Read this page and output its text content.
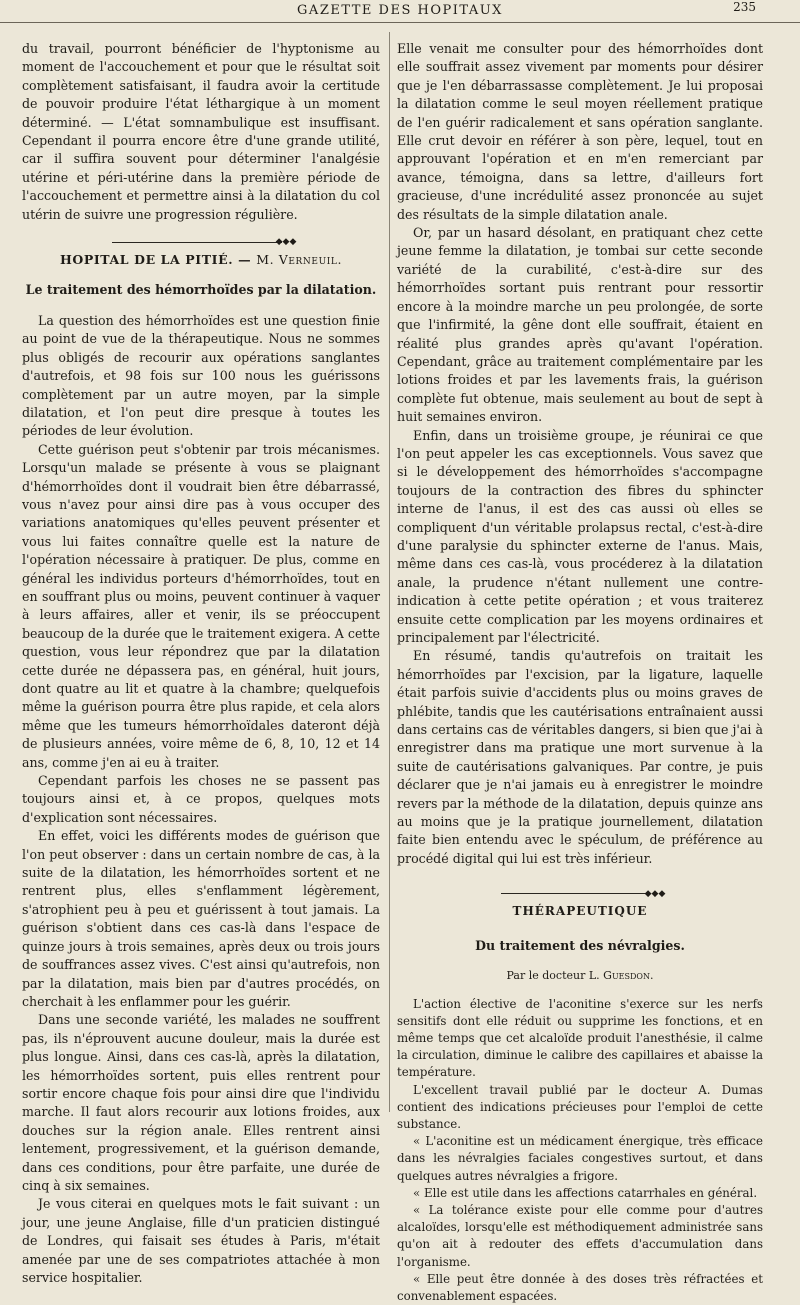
GAZETTE DES HOPITAUX	235

du travail, pourront bénéficier de l'hyptonisme au moment de l'accouchement et pour que le résultat soit complètement satisfaisant, il faudra avoir la certitude de pouvoir produire l'état léthargique à un moment déterminé. — L'état somnambulique est insuffisant. Cependant il pourra encore être d'une grande utilité, car il suffira souvent pour déterminer l'analgésie utérine et péri-utérine dans la première période de l'accouchement et permettre ainsi à la dilatation du col utérin de suivre une progression régulière.

◆◆◆
HOPITAL DE LA PITIÉ. — M. Verneuil.
Le traitement des hémorrhoïdes par la dilatation.

La question des hémorrhoïdes est une question finie au point de vue de la thérapeutique. Nous ne sommes plus obligés de recourir aux opérations sanglantes d'autrefois, et 98 fois sur 100 nous les guérissons complètement par un autre moyen, par la simple dilatation, et l'on peut dire presque à toutes les périodes de leur évolution.

Cette guérison peut s'obtenir par trois mécanismes. Lorsqu'un malade se présente à vous se plaignant d'hémorrhoïdes dont il voudrait bien être débarrassé, vous n'avez pour ainsi dire pas à vous occuper des variations anatomiques qu'elles peuvent présenter et vous lui faites connaître quelle est la nature de l'opération nécessaire à pratiquer. De plus, comme en général les individus porteurs d'hémorrhoïdes, tout en en souffrant plus ou moins, peuvent continuer à vaquer à leurs affaires, aller et venir, ils se préoccupent beaucoup de la durée que le traitement exigera. A cette question, vous leur répondrez que par la dilatation cette durée ne dépassera pas, en général, huit jours, dont quatre au lit et quatre à la chambre; quelquefois même la guérison pourra être plus rapide, et cela alors même que les tumeurs hémorrhoïdales dateront déjà de plusieurs années, voire même de 6, 8, 10, 12 et 14 ans, comme j'en ai eu à traiter.

Cependant parfois les choses ne se passent pas toujours ainsi et, à ce propos, quelques mots d'explication sont nécessaires.

En effet, voici les différents modes de guérison que l'on peut observer : dans un certain nombre de cas, à la suite de la dilatation, les hémorrhoïdes sortent et ne rentrent plus, elles s'enflamment légèrement, s'atrophient peu à peu et guérissent à tout jamais. La guérison s'obtient dans ces cas-là dans l'espace de quinze jours à trois semaines, après deux ou trois jours de souffrances assez vives. C'est ainsi qu'autrefois, non par la dilatation, mais bien par d'autres procédés, on cherchait à les enflammer pour les guérir.

Dans une seconde variété, les malades ne souffrent pas, ils n'éprouvent aucune douleur, mais la durée est plus longue. Ainsi, dans ces cas-là, après la dilatation, les hémorrhoïdes sortent, puis elles rentrent pour sortir encore chaque fois pour ainsi dire que l'individu marche. Il faut alors recourir aux lotions froides, aux douches sur la région anale. Elles rentrent ainsi lentement, progressivement, et la guérison demande, dans ces conditions, pour être parfaite, une durée de cinq à six semaines.

Je vous citerai en quelques mots le fait suivant : un jour, une jeune Anglaise, fille d'un praticien distingué de Londres, qui faisait ses études à Paris, m'était amenée par une de ses compatriotes attachée à mon service hospitalier.

Elle venait me consulter pour des hémorrhoïdes dont elle souffrait assez vivement par moments pour désirer que je l'en débarrassasse complètement. Je lui proposai la dilatation comme le seul moyen réellement pratique de l'en guérir radicalement et sans opération sanglante. Elle crut devoir en référer à son père, lequel, tout en approuvant l'opération et en m'en remerciant par avance, témoigna, dans sa lettre, d'ailleurs fort gracieuse, d'une incrédulité assez prononcée au sujet des résultats de la simple dilatation anale.

Or, par un hasard désolant, en pratiquant chez cette jeune femme la dilatation, je tombai sur cette seconde variété de la curabilité, c'est-à-dire sur des hémorrhoïdes sortant puis rentrant pour ressortir encore à la moindre marche un peu prolongée, de sorte que l'infirmité, la gêne dont elle souffrait, étaient en réalité plus grandes après qu'avant l'opération. Cependant, grâce au traitement complémentaire par les lotions froides et par les lavements frais, la guérison complète fut obtenue, mais seulement au bout de sept à huit semaines environ.

Enfin, dans un troisième groupe, je réunirai ce que l'on peut appeler les cas exceptionnels. Vous savez que si le développement des hémorrhoïdes s'accompagne toujours de la contraction des fibres du sphincter interne de l'anus, il est des cas aussi où elles se compliquent d'un véritable prolapsus rectal, c'est-à-dire d'une paralysie du sphincter externe de l'anus. Mais, même dans ces cas-là, vous procéderez à la dilatation anale, la prudence n'étant nullement une contre-indication à cette petite opération ; et vous traiterez ensuite cette complication par les moyens ordinaires et principalement par l'électricité.

En résumé, tandis qu'autrefois on traitait les hémorrhoïdes par l'excision, par la ligature, laquelle était parfois suivie d'accidents plus ou moins graves de phlébite, tandis que les cautérisations entraînaient aussi dans certains cas de véritables dangers, si bien que j'ai à enregistrer dans ma pratique une mort survenue à la suite de cautérisations galvaniques. Par contre, je puis déclarer que je n'ai jamais eu à enregistrer le moindre revers par la méthode de la dilatation, depuis quinze ans au moins que je la pratique journellement, dilatation faite bien entendu avec le spéculum, de préférence au procédé digital qui lui est très inférieur.

◆◆◆
THÉRAPEUTIQUE
Du traitement des névralgies.
Par le docteur L. Guesdon.

L'action élective de l'aconitine s'exerce sur les nerfs sensitifs dont elle réduit ou supprime les fonctions, et en même temps que cet alcaloïde produit l'anesthésie, il calme la circulation, diminue le calibre des capillaires et abaisse la température.

L'excellent travail publié par le docteur A. Dumas contient des indications précieuses pour l'emploi de cette substance.

« L'aconitine est un médicament énergique, très efficace dans les névralgies faciales congestives surtout, et dans quelques autres névralgies a frigore.

« Elle est utile dans les affections catarrhales en général.

« La tolérance existe pour elle comme pour d'autres alcaloïdes, lorsqu'elle est méthodiquement administrée sans qu'on ait à redouter des effets d'accumulation dans l'organisme.

« Elle peut être donnée à des doses très réfractées et convenablement espacées.
